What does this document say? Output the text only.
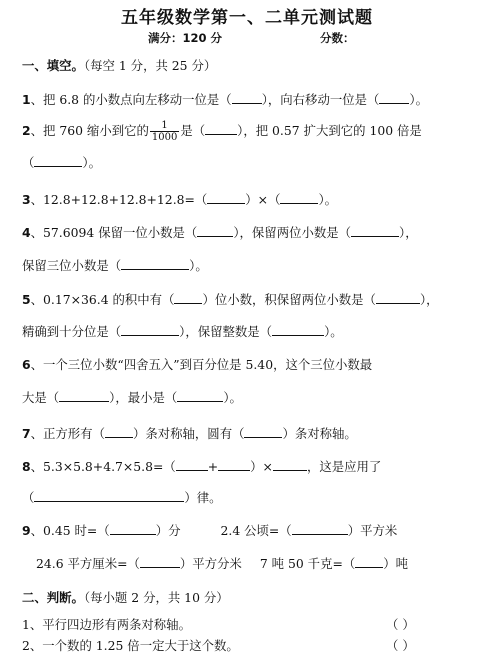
五年级数学第一、二单元测试题
满分：120 分	分数：
一、填空。（每空 1 分，共 25 分）
1、把 6.8 的小数点向左移动一位是（ ），向右移动一位是（ ）。
2、把 760 缩小到它的 $\frac{1}{1000}$ 是（	），把 0.57 扩大到它的 100 倍是
（	）。
3、12.8+12.8+12.8+12.8=（	）×（	）。
4、57.6094 保留一位小数是（	），保留两位小数是（	），
保留三位小数是（	）。
5、0.17×36.4 的积中有（ ）位小数，积保留两位小数是（	），
精确到十分位是（	），保留整数是（	）。
6、一个三位小数“四舍五入”到百分位是 5.40，这个三位小数最
大是（	），最小是（	）。
7、正方形有（ ）条对称轴，圆有（	）条对称轴。
8、5.3×5.8+4.7×5.8=（	+	）×	，这是应用了
（	）律。
9、0.45 时=（	）分	2.4 公顷=（	）平方米
24.6 平方厘米=（	）平方分米 7 吨 50 千克=（ ）吨
二、判断。（每小题 2 分，共 10 分）
1、平行四边形有两条对称轴。	（ ）
2、一个数的 1.25 倍一定大于这个数。	（ ）
